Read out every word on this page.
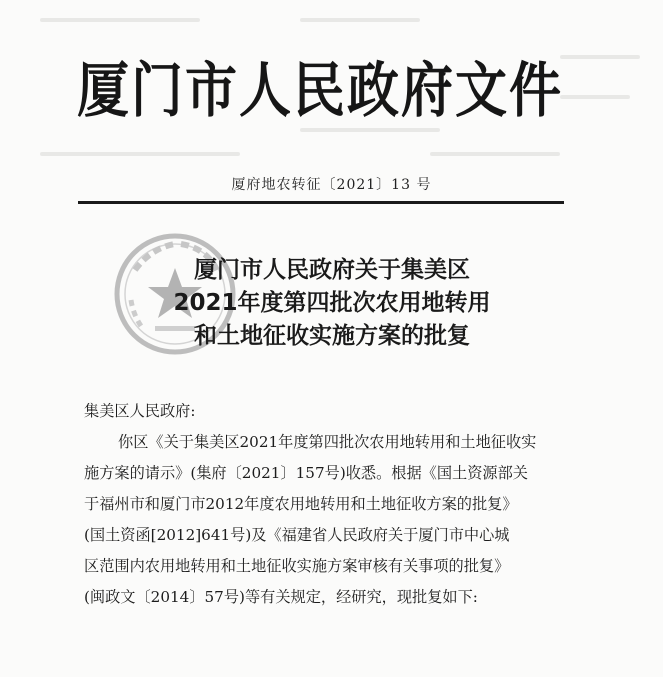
厦门市人民政府文件
厦府地农转征〔2021〕13 号
厦门市人民政府关于集美区
2021年度第四批次农用地转用
和土地征收实施方案的批复
集美区人民政府:
你区《关于集美区2021年度第四批次农用地转用和土地征收实
施方案的请示》(集府〔2021〕157号)收悉。根据《国土资源部关
于福州市和厦门市2012年度农用地转用和土地征收方案的批复》
(国土资函[2012]641号)及《福建省人民政府关于厦门市中心城
区范围内农用地转用和土地征收实施方案审核有关事项的批复》
(闽政文〔2014〕57号)等有关规定，经研究，现批复如下:
